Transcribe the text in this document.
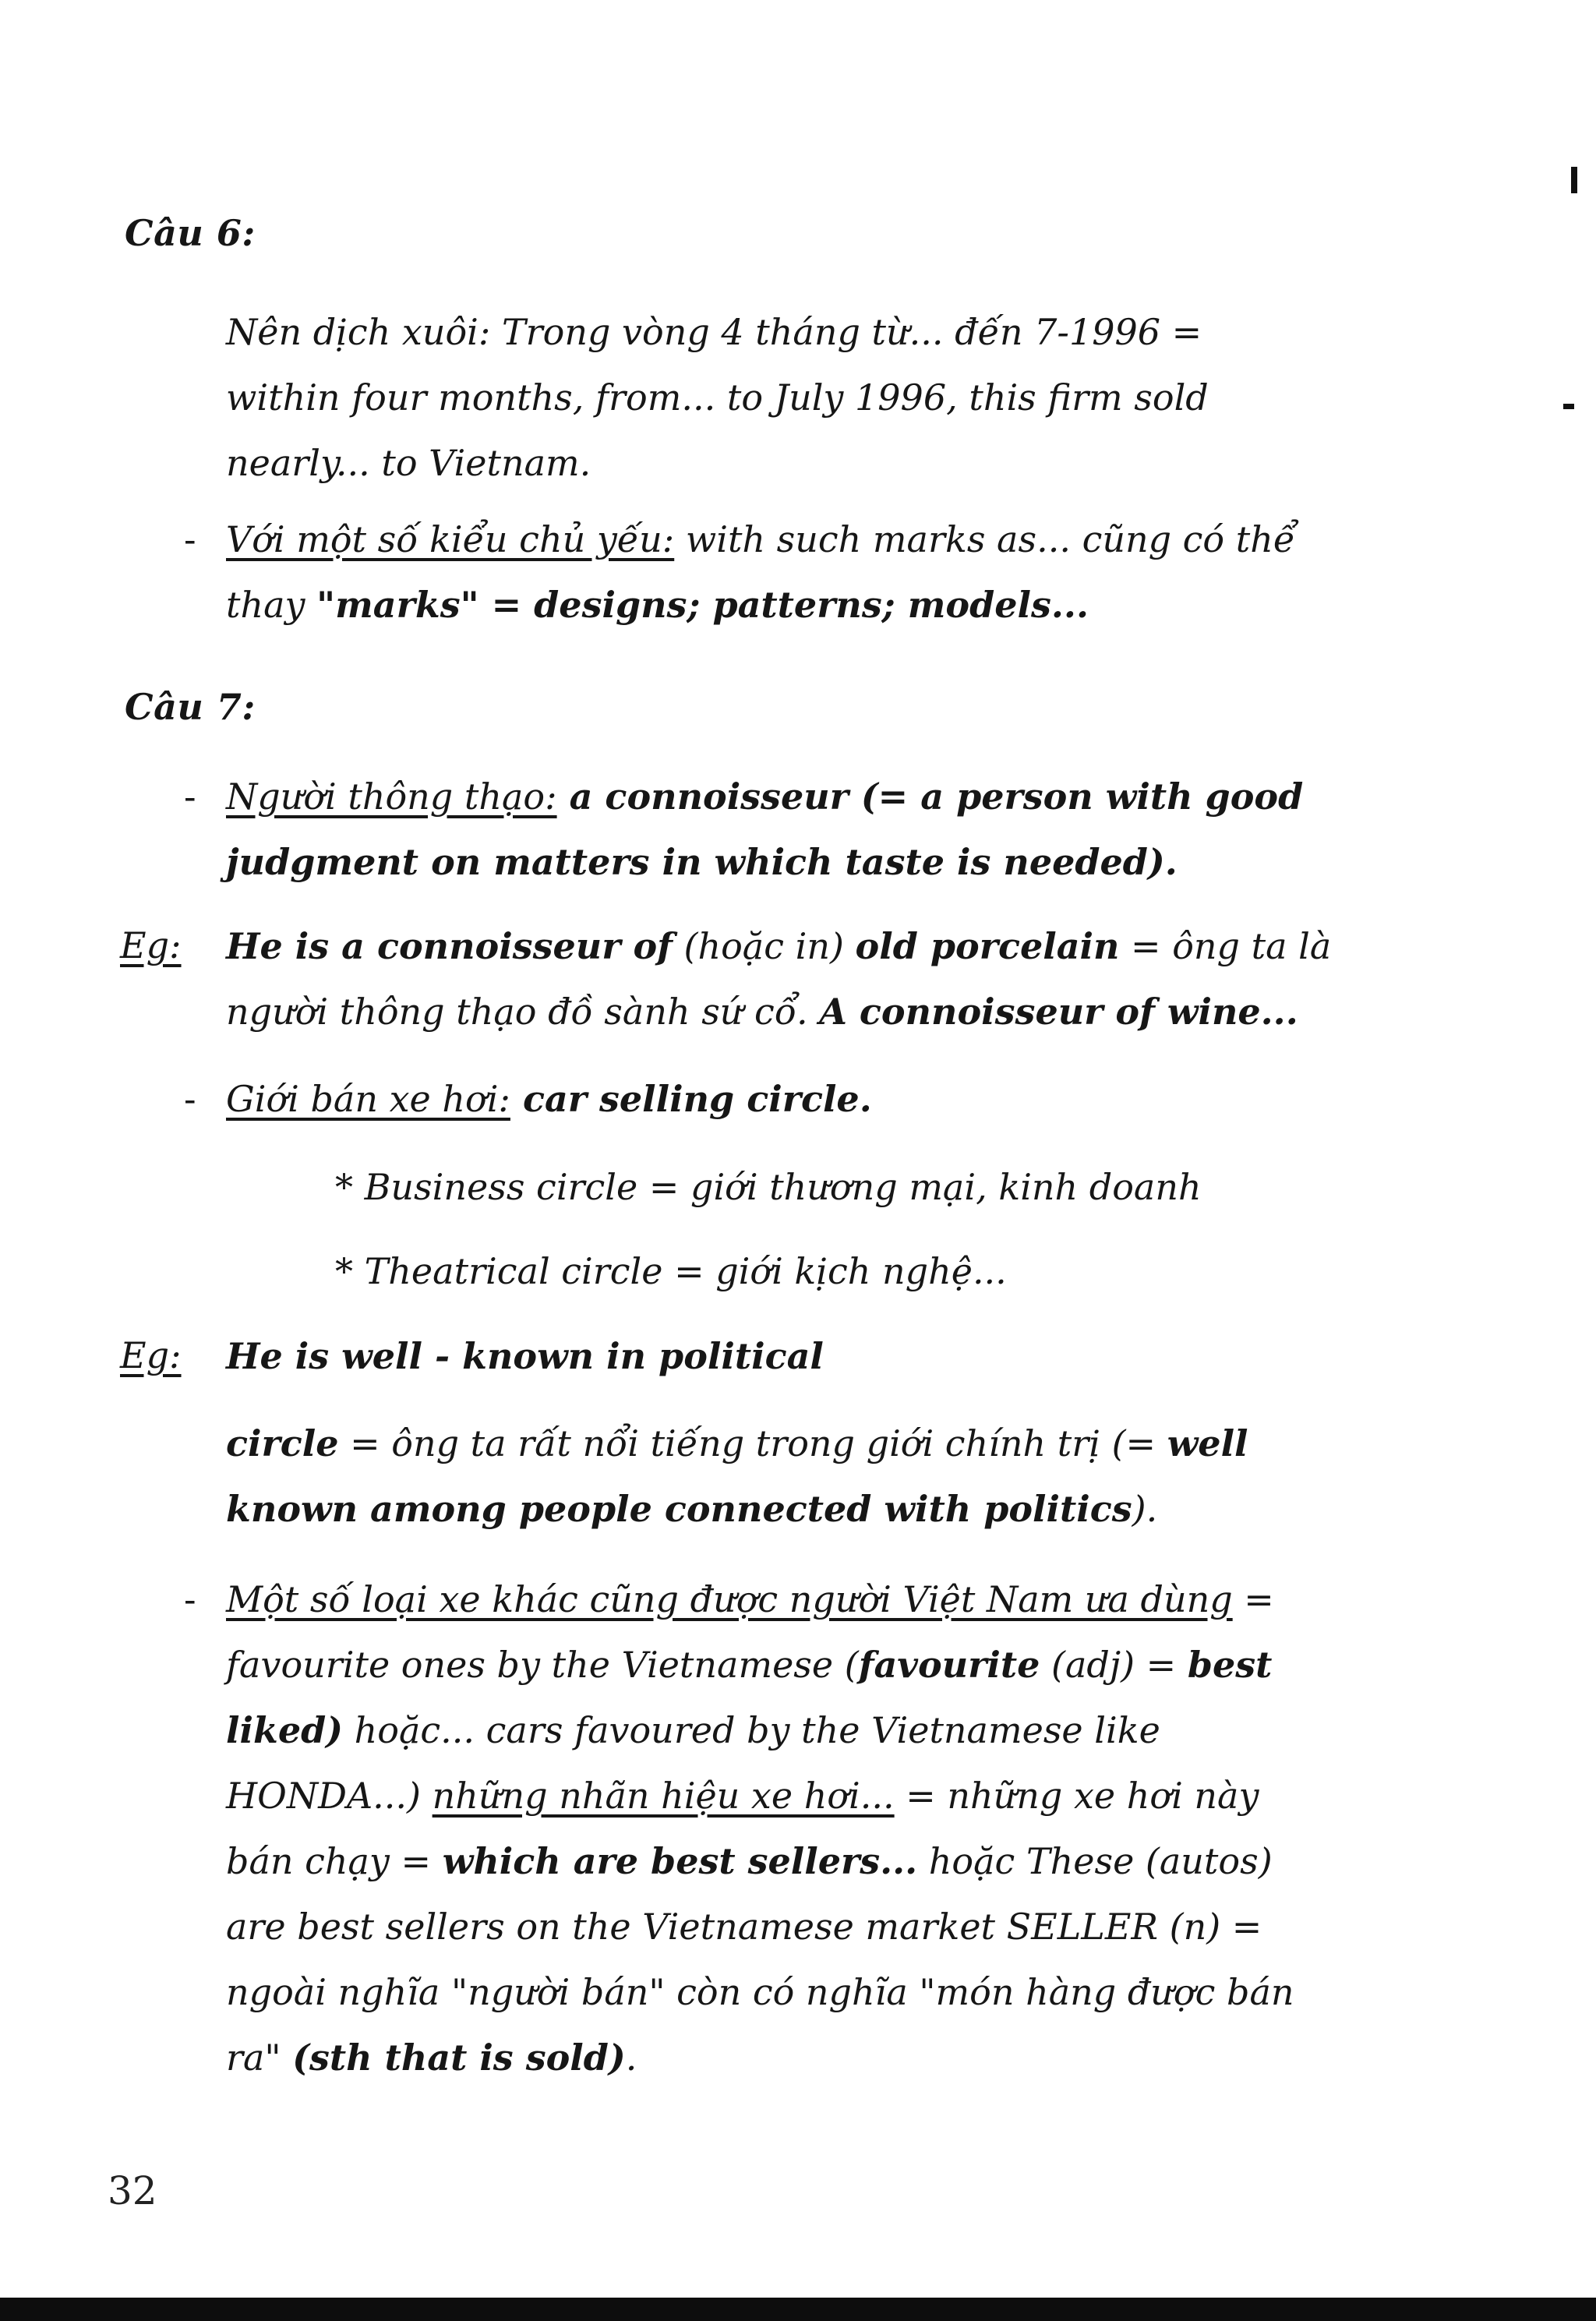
Câu 6:
Nên dịch xuôi: Trong vòng 4 tháng từ... đến 7-1996 =
within four months, from... to July 1996, this firm sold
nearly... to Vietnam.
- Với một số kiểu chủ yếu: with such marks as... cũng có thể
thay "marks" = designs; patterns; models...
Câu 7:
- Người thông thạo: a connoisseur (= a person with good
judgment on matters in which taste is needed).
Eg: He is a connoisseur of (hoặc in) old porcelain = ông ta là
người thông thạo đồ sành sứ cổ. A connoisseur of wine...
- Giới bán xe hơi: car selling circle.
* Business circle = giới thương mại, kinh doanh
* Theatrical circle = giới kịch nghệ...
Eg: He is well - known in political
circle = ông ta rất nổi tiếng trong giới chính trị (= well
known among people connected with politics).
- Một số loại xe khác cũng được người Việt Nam ưa dùng =
favourite ones by the Vietnamese (favourite (adj) = best
liked) hoặc... cars favoured by the Vietnamese like
HONDA...) những nhãn hiệu xe hơi... = những xe hơi này
bán chạy = which are best sellers... hoặc These (autos)
are best sellers on the Vietnamese market SELLER (n) =
ngoài nghĩa "người bán" còn có nghĩa "món hàng được bán
ra" (sth that is sold).
32
